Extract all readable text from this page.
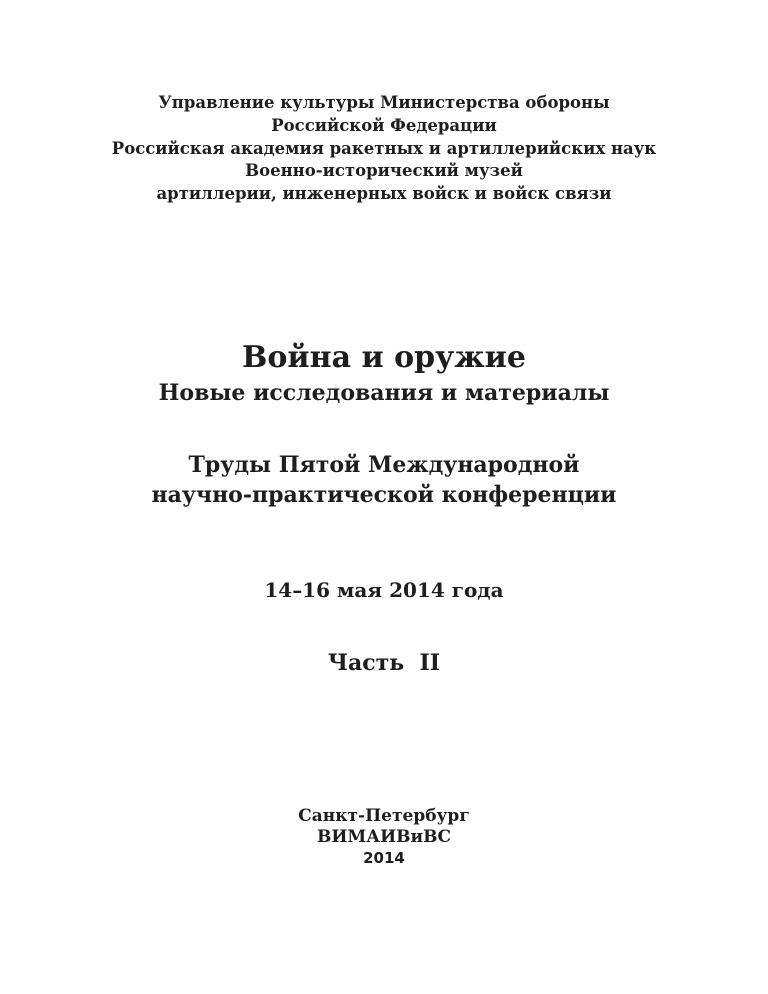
Управление культуры Министерства обороны
Российской Федерации
Российская академия ракетных и артиллерийских наук
Военно-исторический музей
артиллерии, инженерных войск и войск связи
Война и оружие
Новые исследования и материалы
Труды Пятой Международной
научно-практической конференции
14–16 мая 2014 года
Часть  II
Санкт-Петербург
ВИМАИВиВС
2014
